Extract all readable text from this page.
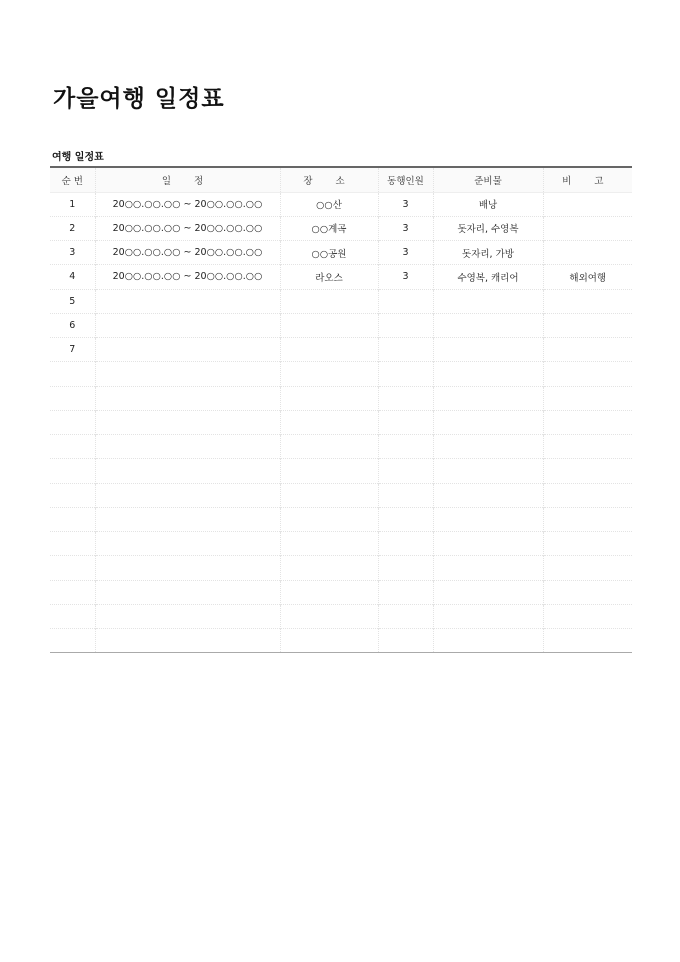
가을여행 일정표
여행 일정표
순 번	일 정	장 소	동행인원	준비물	비 고
1	20○○.○○.○○ ~ 20○○.○○.○○	○○산	3	배낭	
2	20○○.○○.○○ ~ 20○○.○○.○○	○○계곡	3	돗자리, 수영복	
3	20○○.○○.○○ ~ 20○○.○○.○○	○○공원	3	돗자리, 가방	
4	20○○.○○.○○ ~ 20○○.○○.○○	라오스	3	수영복, 캐리어	해외여행
5					
6					
7					
